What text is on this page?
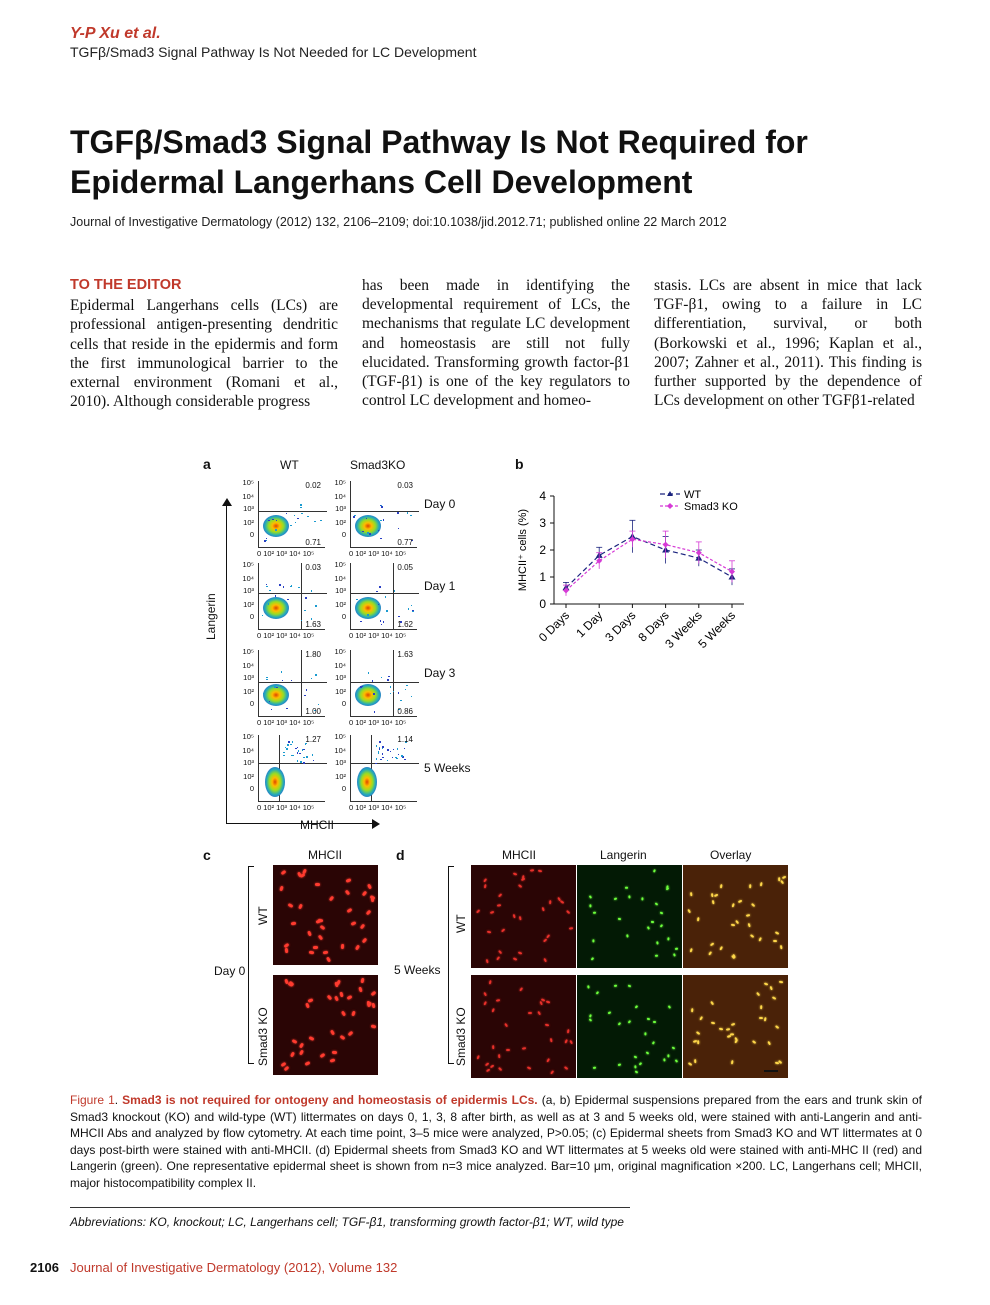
Y-P Xu et al.
TGFβ/Smad3 Signal Pathway Is Not Needed for LC Development
TGFβ/Smad3 Signal Pathway Is Not Required for Epidermal Langerhans Cell Development
Journal of Investigative Dermatology (2012) 132, 2106–2109; doi:10.1038/jid.2012.71; published online 22 March 2012
TO THE EDITOR
Epidermal Langerhans cells (LCs) are professional antigen-presenting dendritic cells that reside in the epidermis and form the first immunological barrier to the external environment (Romani et al., 2010). Although considerable progress
has been made in identifying the developmental requirement of LCs, the mechanisms that regulate LC development and homeostasis are still not fully elucidated. Transforming growth factor-β1 (TGF-β1) is one of the key regulators to control LC development and homeo-
stasis. LCs are absent in mice that lack TGF-β1, owing to a failure in LC differentiation, survival, or both (Borkowski et al., 1996; Kaplan et al., 2007; Zahner et al., 2011). This finding is further supported by the dependence of LCs development on other TGFβ1-related
a	WT	Smad3KO
0.02
0.71
10⁵
10⁴
10³
10²
0
0 10² 10³ 10⁴ 10⁵
0.03
0.77
10⁵
10⁴
10³
10²
0
0 10² 10³ 10⁴ 10⁵
Day 0
0.03
1.63
10⁵
10⁴
10³
10²
0
0 10² 10³ 10⁴ 10⁵
0.05
1.62
10⁵
10⁴
10³
10²
0
0 10² 10³ 10⁴ 10⁵
Day 1
1.80
1.00
10⁵
10⁴
10³
10²
0
0 10² 10³ 10⁴ 10⁵
1.63
0.86
10⁵
10⁴
10³
10²
0
0 10² 10³ 10⁴ 10⁵
Day 3
1.27
10⁵
10⁴
10³
10²
0
0 10² 10³ 10⁴ 10⁵
1.14
10⁵
10⁴
10³
10²
0
0 10² 10³ 10⁴ 10⁵
5 Weeks
Langerin
MHCII
b
0
1
2
3
4
0 Days 1 Day
3 Days
8 Days
3 Weeks
5 Weeks
MHCII⁺ cells (%)
WT
Smad3 KO
c	MHCII
Day 0
WT
Smad3 KO
d	MHCII	Langerin	Overlay
5 Weeks
WT
Smad3 KO
Figure 1. Smad3 is not required for ontogeny and homeostasis of epidermis LCs. (a, b) Epidermal suspensions prepared from the ears and trunk skin of Smad3 knockout (KO) and wild-type (WT) littermates on days 0, 1, 3, 8 after birth, as well as at 3 and 5 weeks old, were stained with anti-Langerin and anti-MHCII Abs and analyzed by flow cytometry. At each time point, 3–5 mice were analyzed, P>0.05; (c) Epidermal sheets from Smad3 KO and WT littermates at 0 days post-birth were stained with anti-MHCII. (d) Epidermal sheets from Smad3 KO and WT littermates at 5 weeks old were stained with anti-MHC II (red) and Langerin (green). One representative epidermal sheet is shown from n=3 mice analyzed. Bar=10 μm, original magnification ×200. LC, Langerhans cell; MHCII, major histocompatibility complex II.
Abbreviations: KO, knockout; LC, Langerhans cell; TGF-β1, transforming growth factor-β1; WT, wild type
2106 Journal of Investigative Dermatology (2012), Volume 132
